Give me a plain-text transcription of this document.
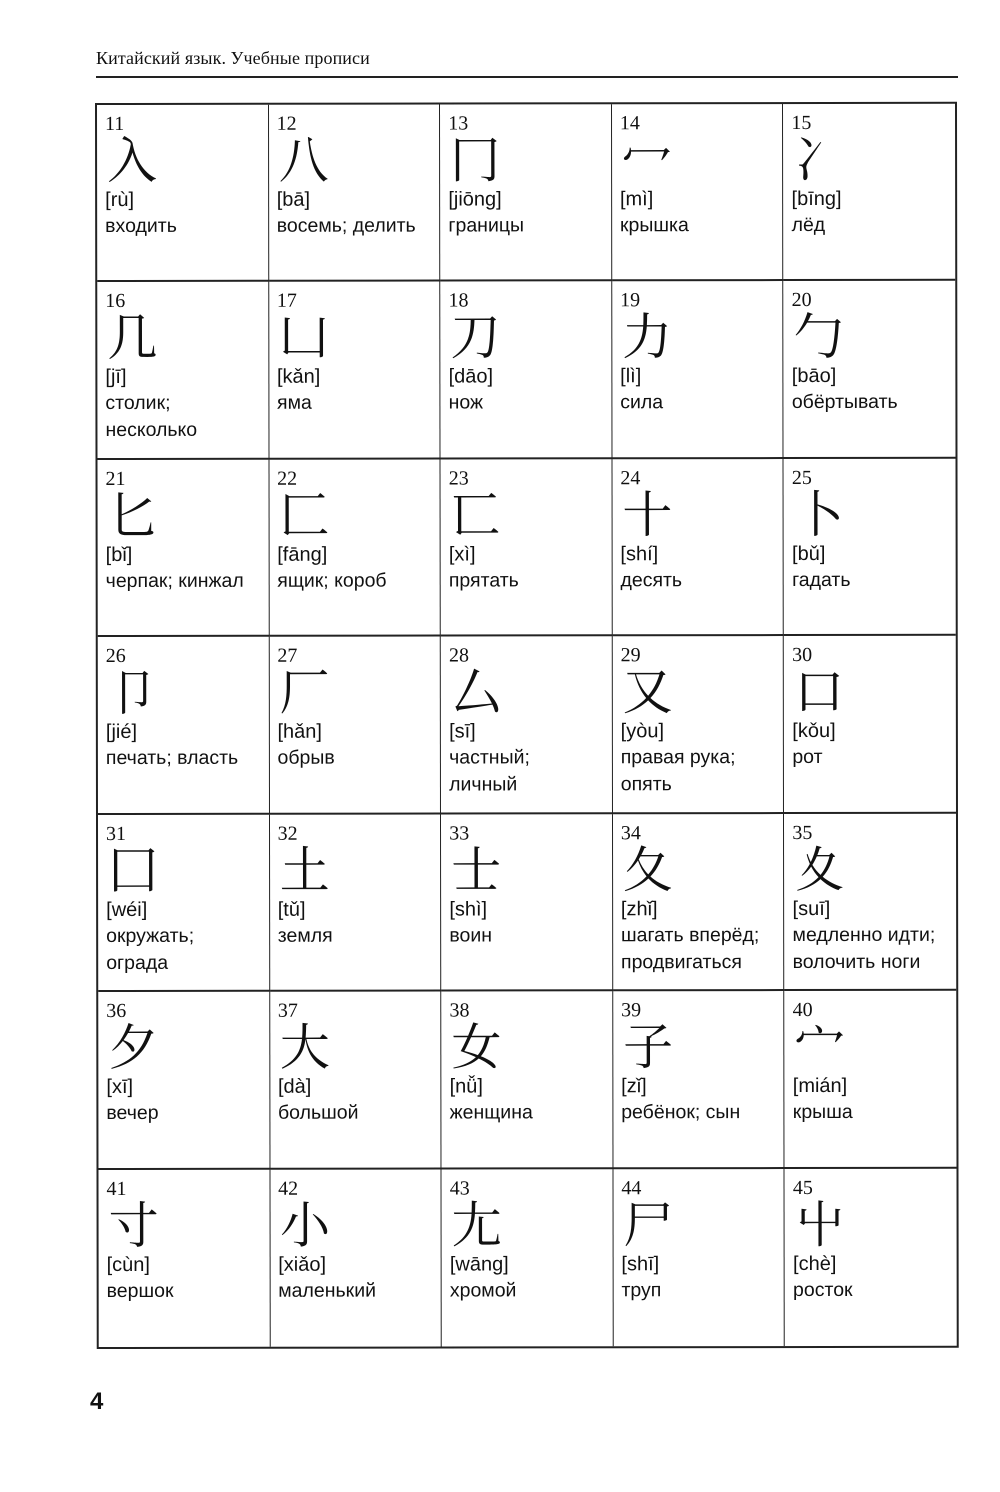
Китайский язык. Учебные прописи
11
入
[rù]
входить
12
八
[bā]
восемь; делить
13
冂
[jiōng]
границы
14
冖
[mì]
крышка
15
冫
[bīng]
лёд
16
几
[jī]
столик;
несколько
17
凵
[kǎn]
яма
18
刀
[dāo]
нож
19
力
[lì]
сила
20
勹
[bāo]
обёртывать
21
匕
[bǐ]
черпак; кинжал
22
匚
[fāng]
ящик; короб
23
匸
[xì]
прятать
24
十
[shí]
десять
25
卜
[bǔ]
гадать
26
卩
[jié]
печать; власть
27
厂
[hǎn]
обрыв
28
厶
[sī]
частный;
личный
29
又
[yòu]
правая рука;
опять
30
口
[kǒu]
рот
31
囗
[wéi]
окружать;
ограда
32
土
[tǔ]
земля
33
士
[shì]
воин
34
夂
[zhǐ]
шагать вперёд;
продвигаться
35
夊
[suī]
медленно идти;
волочить ноги
36
夕
[xī]
вечер
37
大
[dà]
большой
38
女
[nǚ]
женщина
39
子
[zǐ]
ребёнок; сын
40
宀
[mián]
крыша
41
寸
[cùn]
вершок
42
小
[xiǎo]
маленький
43
尢
[wāng]
хромой
44
尸
[shī]
труп
45
屮
[chè]
росток
4
